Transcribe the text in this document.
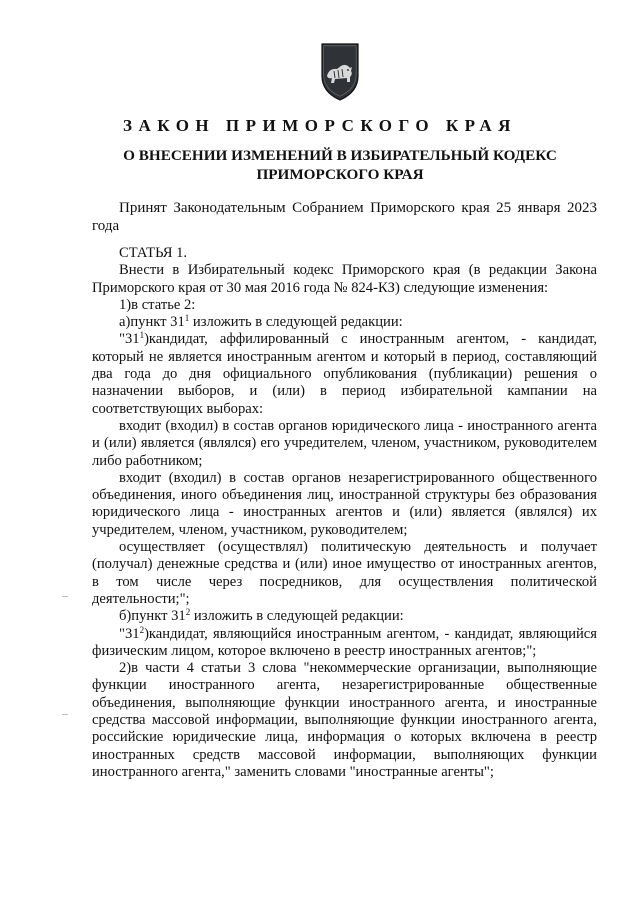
ЗАКОН ПРИМОРСКОГО КРАЯ
О ВНЕСЕНИИ ИЗМЕНЕНИЙ В ИЗБИРАТЕЛЬНЫЙ КОДЕКС
ПРИМОРСКОГО КРАЯ
Принят Законодательным Собранием Приморского края 25 января 2023 года

СТАТЬЯ 1.

Внести в Избирательный кодекс Приморского края (в редакции Закона Приморского края от 30 мая 2016 года № 824-КЗ) следующие изменения:

1)в статье 2:

а)пункт $31^1$ изложить в следующей редакции:

"$31^1)кандидат$, аффилированный с иностранным агентом, - кандидат, который не является иностранным агентом и который в период, составляющий два года до дня официального опубликования (публикации) решения о назначении выборов, и (или) в период избирательной кампании на соответствующих выборах:

входит (входил) в состав органов юридического лица - иностранного агента и (или) является (являлся) его учредителем, членом, участником, руководителем либо работником;

входит (входил) в состав органов незарегистрированного общественного объединения, иного объединения лиц, иностранной структуры без образования юридического лица - иностранных агентов и (или) является (являлся) их учредителем, членом, участником, руководителем;

осуществляет (осуществлял) политическую деятельность и получает (получал) денежные средства и (или) иное имущество от иностранных агентов, в том числе через посредников, для осуществления политической деятельности;";

б)пункт $31^2$ изложить в следующей редакции:

"$31^2)кандидат$, являющийся иностранным агентом, - кандидат, являющийся физическим лицом, которое включено в реестр иностранных агентов;";

2)в части 4 статьи 3 слова "некоммерческие организации, выполняющие функции иностранного агента, незарегистрированные общественные объединения, выполняющие функции иностранного агента, и иностранные средства массовой информации, выполняющие функции иностранного агента, российские юридические лица, информация о которых включена в реестр иностранных средств массовой информации, выполняющих функции иностранного агента," заменить словами "иностранные агенты";
